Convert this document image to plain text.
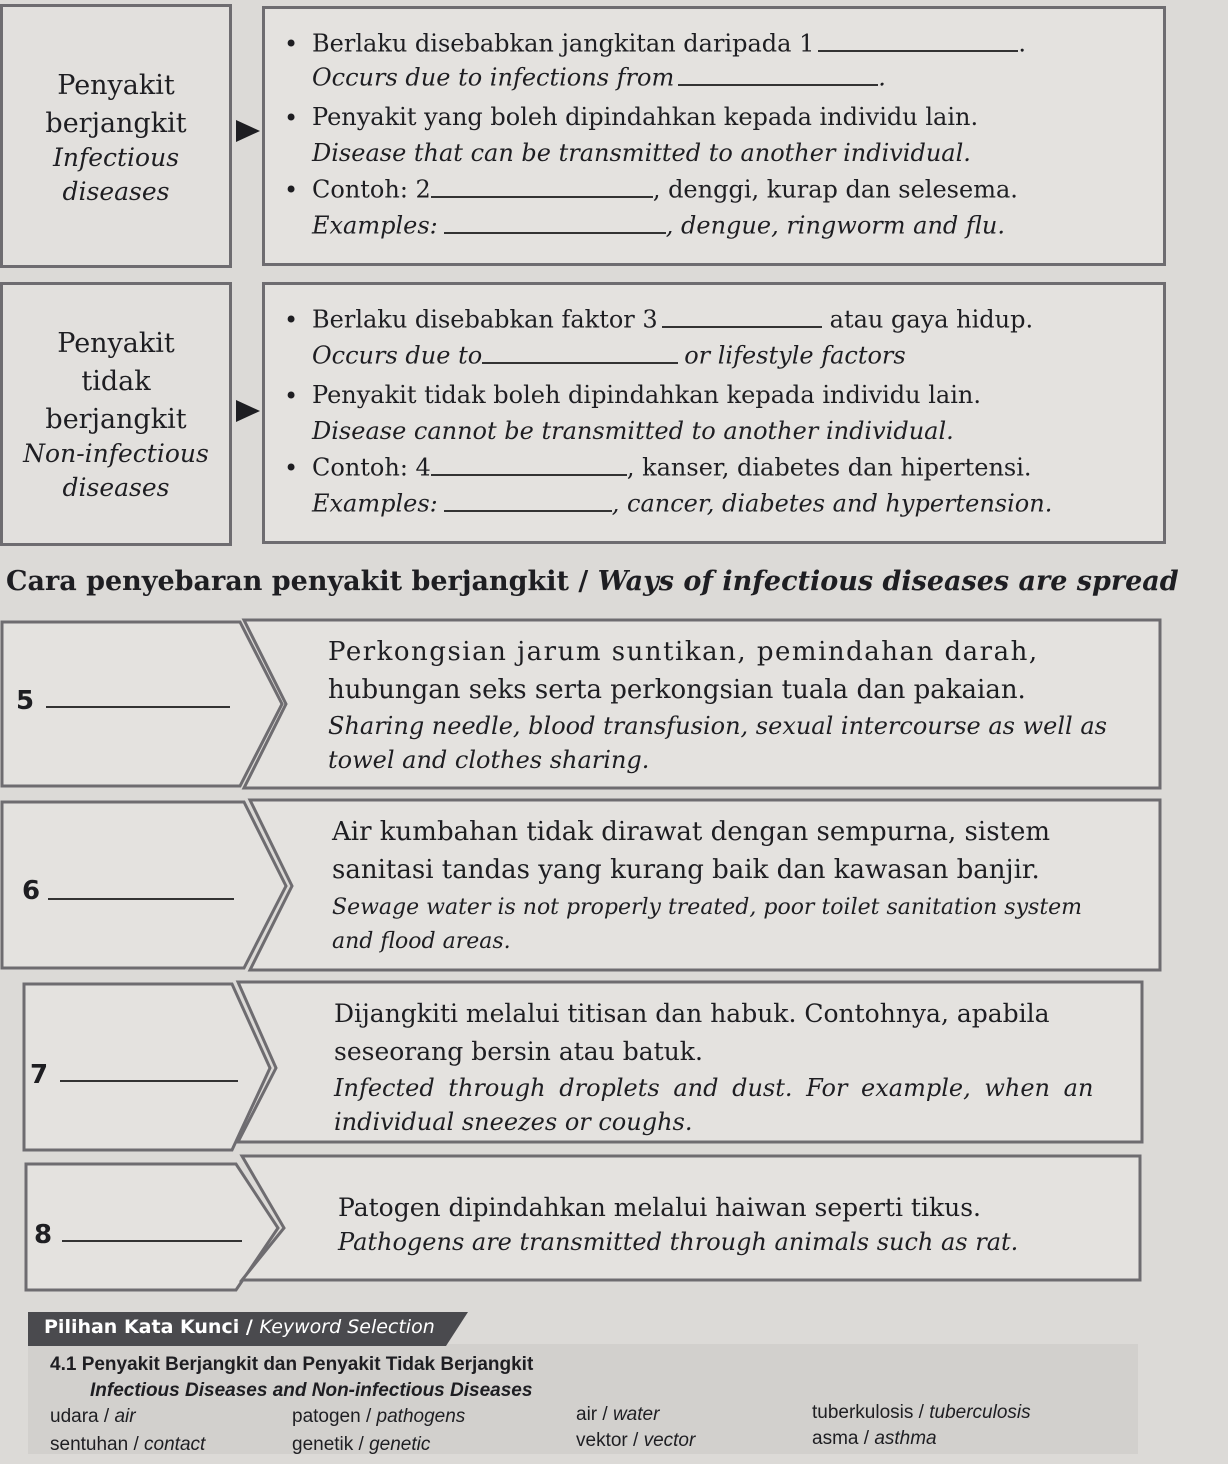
Penyakit
berjangkit
Infectious
diseases
• Berlaku disebabkan jangkitan daripada 1	.
Occurs due to infections from	.
• Penyakit yang boleh dipindahkan kepada individu lain.
Disease that can be transmitted to another individual.
• Contoh: 2	, denggi, kurap dan selesema.
Examples:	, dengue, ringworm and flu.
Penyakit
tidak
berjangkit
Non-infectious
diseases
• Berlaku disebabkan faktor 3	atau gaya hidup.
Occurs due to	or lifestyle factors
• Penyakit tidak boleh dipindahkan kepada individu lain.
Disease cannot be transmitted to another individual.
• Contoh: 4	, kanser, diabetes dan hipertensi.
Examples:	, cancer, diabetes and hypertension.
Cara penyebaran penyakit berjangkit / Ways of infectious diseases are spread
5
Perkongsian jarum suntikan, pemindahan darah,
hubungan seks serta perkongsian tuala dan pakaian.
Sharing needle, blood transfusion, sexual intercourse as well as
towel and clothes sharing.
6
Air kumbahan tidak dirawat dengan sempurna, sistem
sanitasi tandas yang kurang baik dan kawasan banjir.
Sewage water is not properly treated, poor toilet sanitation system
and flood areas.
7
Dijangkiti melalui titisan dan habuk. Contohnya, apabila
seseorang bersin atau batuk.
Infected through droplets and dust. For example, when an
individual sneezes or coughs.
8
Patogen dipindahkan melalui haiwan seperti tikus.
Pathogens are transmitted through animals such as rat.
Pilihan Kata Kunci / Keyword Selection
4.1 Penyakit Berjangkit dan Penyakit Tidak Berjangkit
Infectious Diseases and Non-infectious Diseases
udara / air	patogen / pathogens	air / water	tuberkulosis / tuberculosis
sentuhan / contact	genetik / genetic	vektor / vector	asma / asthma
